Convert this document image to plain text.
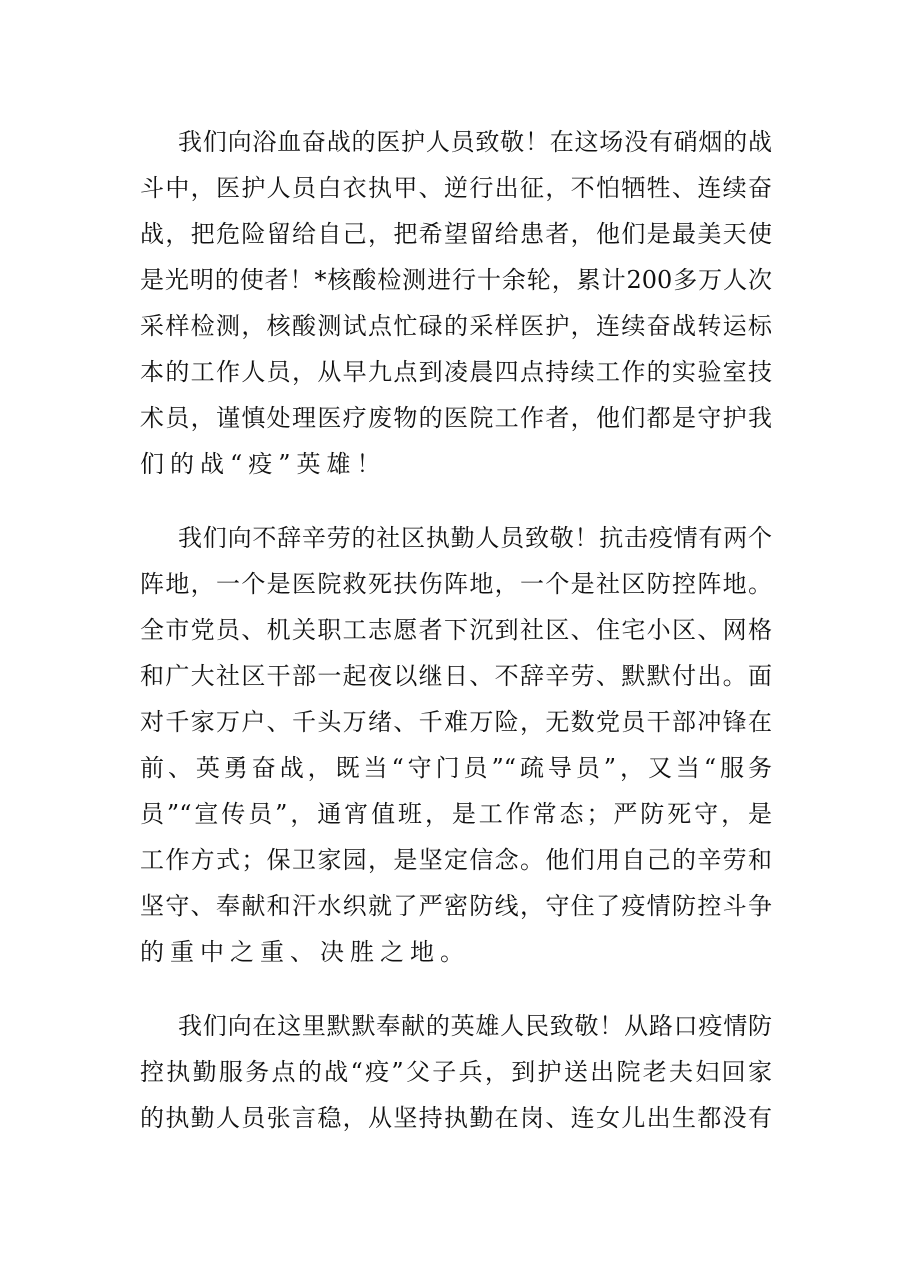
我们向浴血奋战的医护人员致敬！在这场没有硝烟的战
斗中，医护人员白衣执甲、逆行出征，不怕牺牲、连续奋
战，把危险留给自己，把希望留给患者，他们是最美天使
是光明的使者！*核酸检测进行十余轮，累计200多万人次
采样检测，核酸测试点忙碌的采样医护，连续奋战转运标
本的工作人员，从早九点到凌晨四点持续工作的实验室技
术员，谨慎处理医疗废物的医院工作者，他们都是守护我
们的战“疫”英雄！
我们向不辞辛劳的社区执勤人员致敬！抗击疫情有两个
阵地，一个是医院救死扶伤阵地，一个是社区防控阵地。
全市党员、机关职工志愿者下沉到社区、住宅小区、网格
和广大社区干部一起夜以继日、不辞辛劳、默默付出。面
对千家万户、千头万绪、千难万险，无数党员干部冲锋在
前、英勇奋战，既当“守门员”“疏导员”，又当“服务
员”“宣传员”，通宵值班，是工作常态；严防死守，是
工作方式；保卫家园，是坚定信念。他们用自己的辛劳和
坚守、奉献和汗水织就了严密防线，守住了疫情防控斗争
的重中之重、决胜之地。
我们向在这里默默奉献的英雄人民致敬！从路口疫情防
控执勤服务点的战“疫”父子兵，到护送出院老夫妇回家
的执勤人员张言稳，从坚持执勤在岗、连女儿出生都没有
